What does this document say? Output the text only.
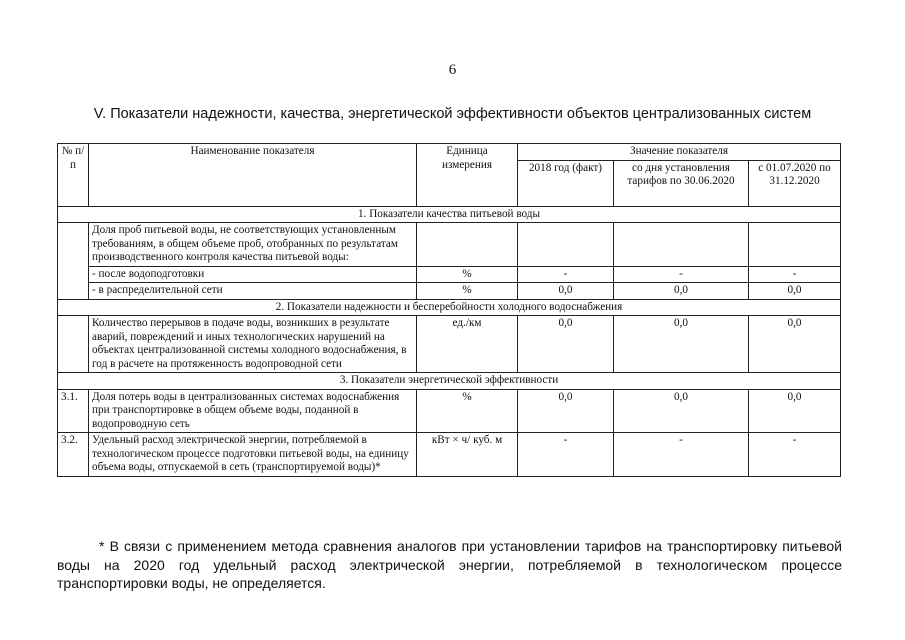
6
V. Показатели надежности, качества, энергетической эффективности объектов централизованных систем
№ п/п	Наименование показателя	Единица измерения	Значение показателя		
			2018 год (факт)	со дня установления тарифов по 30.06.2020	с 01.07.2020 по 31.12.2020
1. Показатели качества питьевой воды					
	Доля проб питьевой воды, не соответствующих установленным требованиям, в общем объеме проб, отобранных по результатам производственного контроля качества питьевой воды:				
	- после водоподготовки	%	-	-	-
	- в распределительной сети	%	0,0	0,0	0,0
2. Показатели надежности и бесперебойности холодного водоснабжения					
	Количество перерывов в подаче воды, возникших в результате аварий, повреждений и иных технологических нарушений на объектах централизованной системы холодного водоснабжения, в год в расчете на протяженность водопроводной сети	ед./км	0,0	0,0	0,0
3. Показатели энергетической эффективности					
3.1.	Доля потерь воды в централизованных системах водоснабжения при транспортировке в общем объеме воды, поданной в водопроводную сеть	%	0,0	0,0	0,0
3.2.	Удельный расход электрической энергии, потребляемой в технологическом процессе подготовки питьевой воды, на единицу объема воды, отпускаемой в сеть (транспортируемой воды)*	кВт × ч/ куб. м	-	-	-
* В связи с применением метода сравнения аналогов при установлении тарифов на транспортировку питьевой воды на 2020 год удельный расход электрической энергии, потребляемой в технологическом процессе транспортировки воды, не определяется.
